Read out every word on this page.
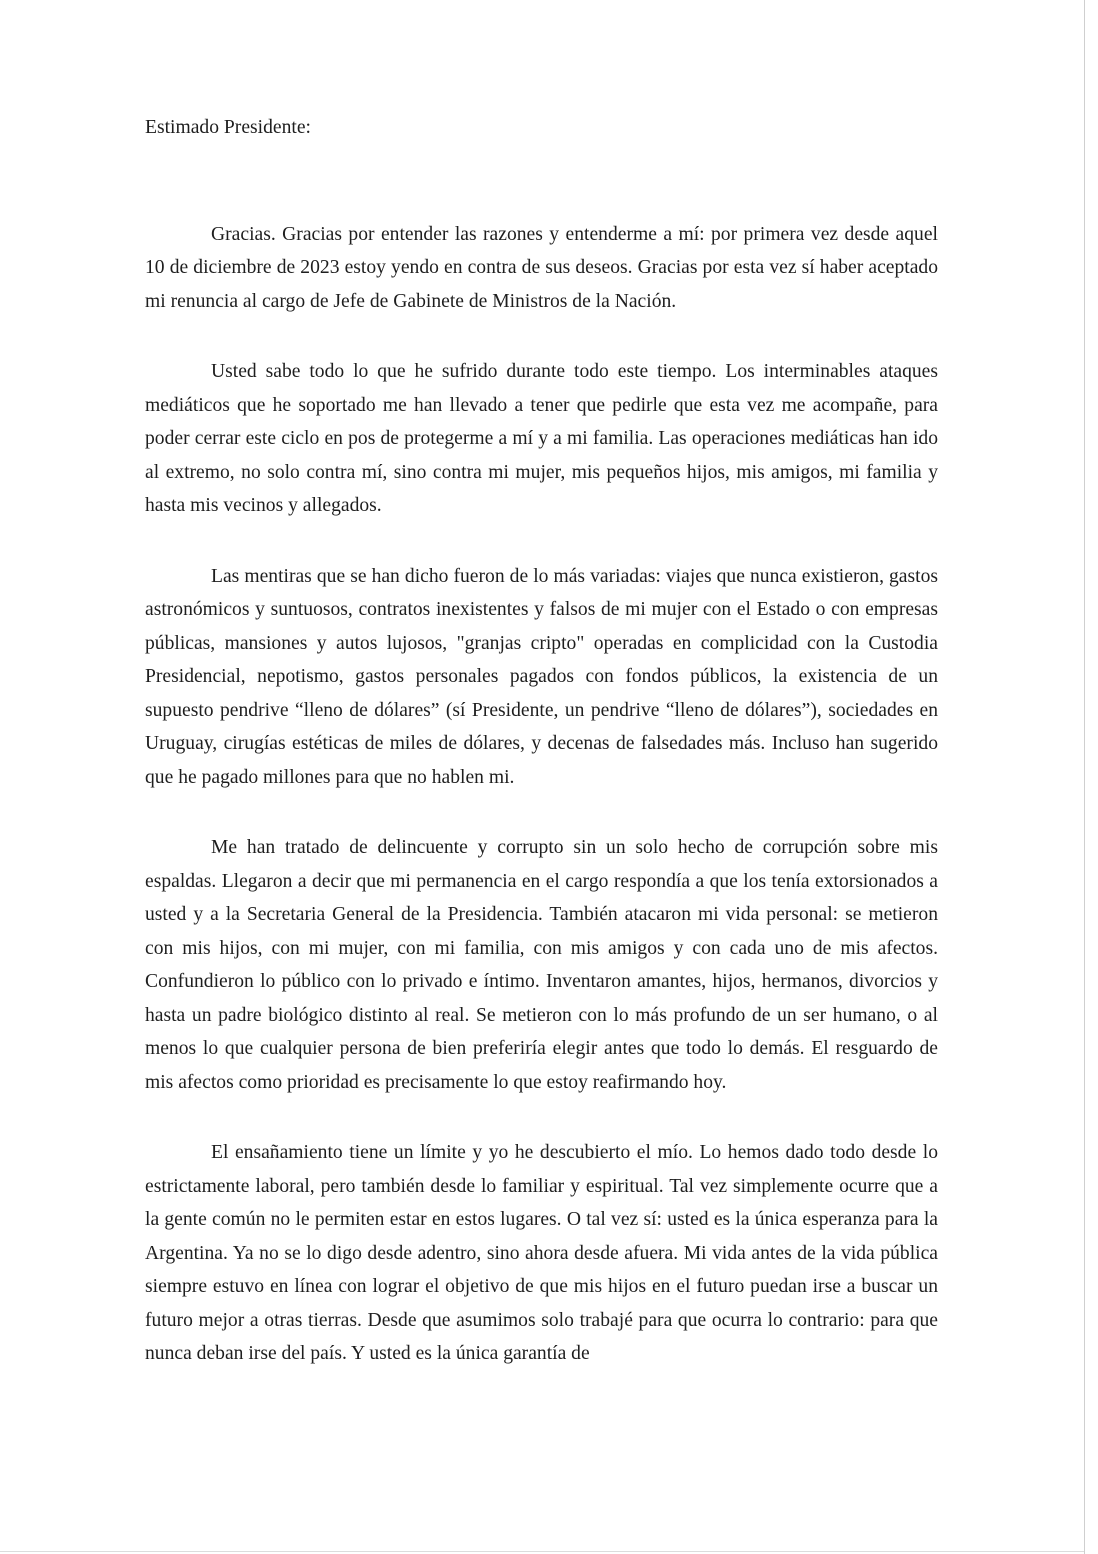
Estimado Presidente:

Gracias. Gracias por entender las razones y entenderme a mí: por primera vez desde aquel 10 de diciembre de 2023 estoy yendo en contra de sus deseos. Gracias por esta vez sí haber aceptado mi renuncia al cargo de Jefe de Gabinete de Ministros de la Nación.

Usted sabe todo lo que he sufrido durante todo este tiempo. Los interminables ataques mediáticos que he soportado me han llevado a tener que pedirle que esta vez me acompañe, para poder cerrar este ciclo en pos de protegerme a mí y a mi familia. Las operaciones mediáticas han ido al extremo, no solo contra mí, sino contra mi mujer, mis pequeños hijos, mis amigos, mi familia y hasta mis vecinos y allegados.

Las mentiras que se han dicho fueron de lo más variadas: viajes que nunca existieron, gastos astronómicos y suntuosos, contratos inexistentes y falsos de mi mujer con el Estado o con empresas públicas, mansiones y autos lujosos, "granjas cripto" operadas en complicidad con la Custodia Presidencial, nepotismo, gastos personales pagados con fondos públicos, la existencia de un supuesto pendrive “lleno de dólares” (sí Presidente, un pendrive “lleno de dólares”), sociedades en Uruguay, cirugías estéticas de miles de dólares, y decenas de falsedades más. Incluso han sugerido que he pagado millones para que no hablen mi.

Me han tratado de delincuente y corrupto sin un solo hecho de corrupción sobre mis espaldas. Llegaron a decir que mi permanencia en el cargo respondía a que los tenía extorsionados a usted y a la Secretaria General de la Presidencia. También atacaron mi vida personal: se metieron con mis hijos, con mi mujer, con mi familia, con mis amigos y con cada uno de mis afectos. Confundieron lo público con lo privado e íntimo. Inventaron amantes, hijos, hermanos, divorcios y hasta un padre biológico distinto al real. Se metieron con lo más profundo de un ser humano, o al menos lo que cualquier persona de bien preferiría elegir antes que todo lo demás. El resguardo de mis afectos como prioridad es precisamente lo que estoy reafirmando hoy.

El ensañamiento tiene un límite y yo he descubierto el mío. Lo hemos dado todo desde lo estrictamente laboral, pero también desde lo familiar y espiritual. Tal vez simplemente ocurre que a la gente común no le permiten estar en estos lugares. O tal vez sí: usted es la única esperanza para la Argentina. Ya no se lo digo desde adentro, sino ahora desde afuera. Mi vida antes de la vida pública siempre estuvo en línea con lograr el objetivo de que mis hijos en el futuro puedan irse a buscar un futuro mejor a otras tierras. Desde que asumimos solo trabajé para que ocurra lo contrario: para que nunca deban irse del país. Y usted es la única garantía de
